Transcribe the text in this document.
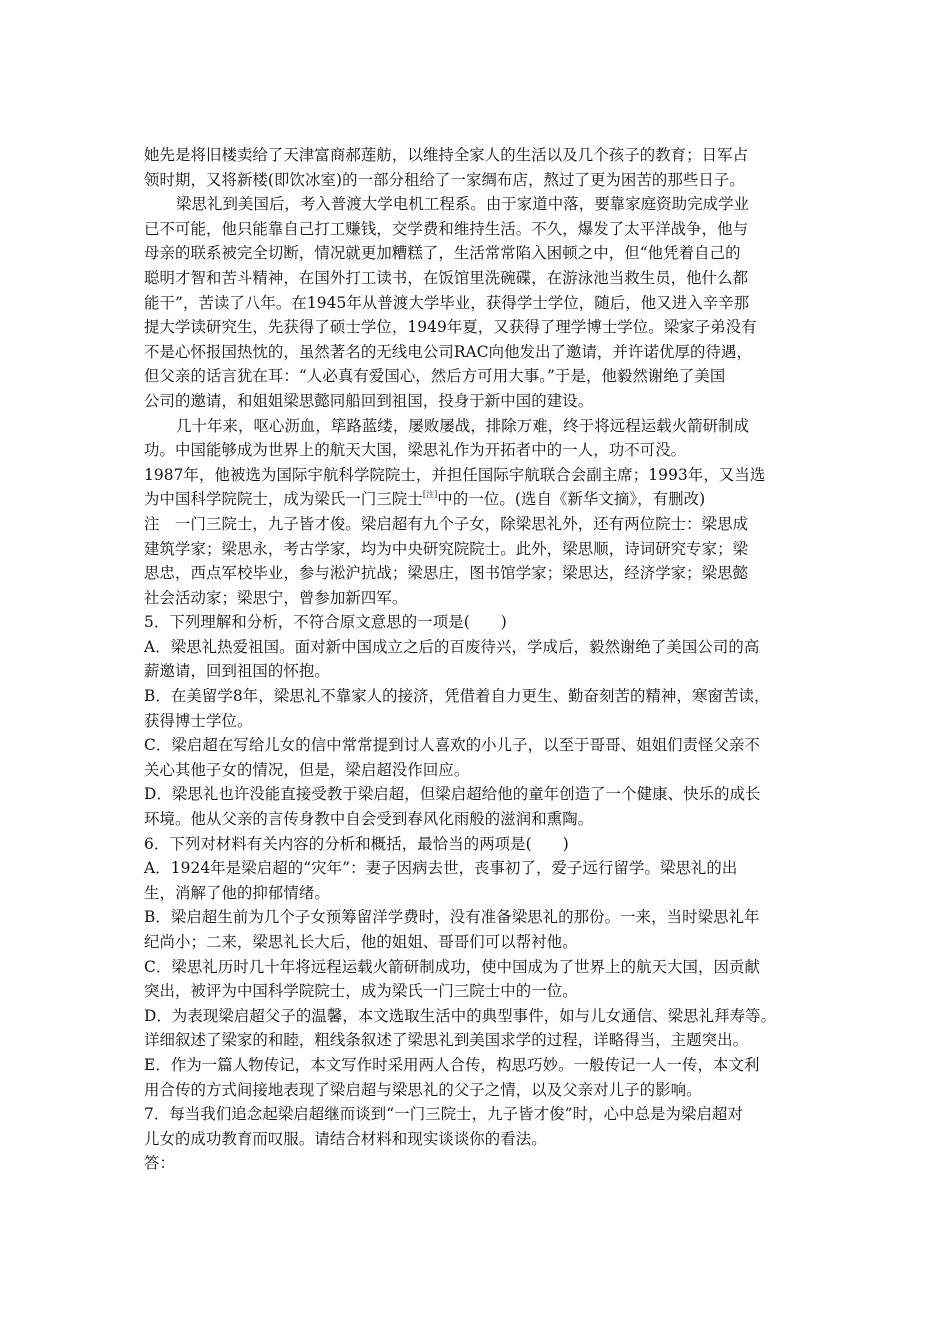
她先是将旧楼卖给了天津富商郝莲舫，以维持全家人的生活以及几个孩子的教育；日军占
领时期，又将新楼(即饮冰室)的一部分租给了一家绸布店，熬过了更为困苦的那些日子。
梁思礼到美国后，考入普渡大学电机工程系。由于家道中落，要靠家庭资助完成学业
已不可能，他只能靠自己打工赚钱，交学费和维持生活。不久，爆发了太平洋战争，他与
母亲的联系被完全切断，情况就更加糟糕了，生活常常陷入困顿之中，但“他凭着自己的
聪明才智和苦斗精神，在国外打工读书，在饭馆里洗碗碟，在游泳池当救生员，他什么都
能干”，苦读了八年。在1945年从普渡大学毕业，获得学士学位，随后，他又进入辛辛那
提大学读研究生，先获得了硕士学位，1949年夏，又获得了理学博士学位。梁家子弟没有
不是心怀报国热忱的，虽然著名的无线电公司RAC向他发出了邀请，并许诺优厚的待遇，
但父亲的话言犹在耳：“人必真有爱国心，然后方可用大事。”于是，他毅然谢绝了美国
公司的邀请，和姐姐梁思懿同船回到祖国，投身于新中国的建设。
几十年来，呕心沥血，筚路蓝缕，屡败屡战，排除万难，终于将远程运载火箭研制成
功。中国能够成为世界上的航天大国，梁思礼作为开拓者中的一人，功不可没。
1987年，他被选为国际宇航科学院院士，并担任国际宇航联合会副主席；1993年，又当选
为中国科学院院士，成为梁氏一门三院士[注]中的一位。(选自《新华文摘》，有删改)
注　一门三院士，九子皆才俊。梁启超有九个子女，除梁思礼外，还有两位院士：梁思成
建筑学家；梁思永，考古学家，均为中央研究院院士。此外，梁思顺，诗词研究专家；梁
思忠，西点军校毕业，参与淞沪抗战；梁思庄，图书馆学家；梁思达，经济学家；梁思懿
社会活动家；梁思宁，曾参加新四军。
5．下列理解和分析，不符合原文意思的一项是(　　)
A．梁思礼热爱祖国。面对新中国成立之后的百废待兴，学成后，毅然谢绝了美国公司的高
薪邀请，回到祖国的怀抱。
B．在美留学8年，梁思礼不靠家人的接济，凭借着自力更生、勤奋刻苦的精神，寒窗苦读，
获得博士学位。
C．梁启超在写给儿女的信中常常提到讨人喜欢的小儿子，以至于哥哥、姐姐们责怪父亲不
关心其他子女的情况，但是，梁启超没作回应。
D．梁思礼也许没能直接受教于梁启超，但梁启超给他的童年创造了一个健康、快乐的成长
环境。他从父亲的言传身教中自会受到春风化雨般的滋润和熏陶。
6．下列对材料有关内容的分析和概括，最恰当的两项是(　　)
A．1924年是梁启超的“灾年”：妻子因病去世，丧事初了，爱子远行留学。梁思礼的出
生，消解了他的抑郁情绪。
B．梁启超生前为几个子女预筹留洋学费时，没有准备梁思礼的那份。一来，当时梁思礼年
纪尚小；二来，梁思礼长大后，他的姐姐、哥哥们可以帮衬他。
C．梁思礼历时几十年将远程运载火箭研制成功，使中国成为了世界上的航天大国，因贡献
突出，被评为中国科学院院士，成为梁氏一门三院士中的一位。
D．为表现梁启超父子的温馨，本文选取生活中的典型事件，如与儿女通信、梁思礼拜寿等。
详细叙述了梁家的和睦，粗线条叙述了梁思礼到美国求学的过程，详略得当，主题突出。
E．作为一篇人物传记，本文写作时采用两人合传，构思巧妙。一般传记一人一传，本文利
用合传的方式间接地表现了梁启超与梁思礼的父子之情，以及父亲对儿子的影响。
7．每当我们追念起梁启超继而谈到“一门三院士，九子皆才俊”时，心中总是为梁启超对
儿女的成功教育而叹服。请结合材料和现实谈谈你的看法。
答：
